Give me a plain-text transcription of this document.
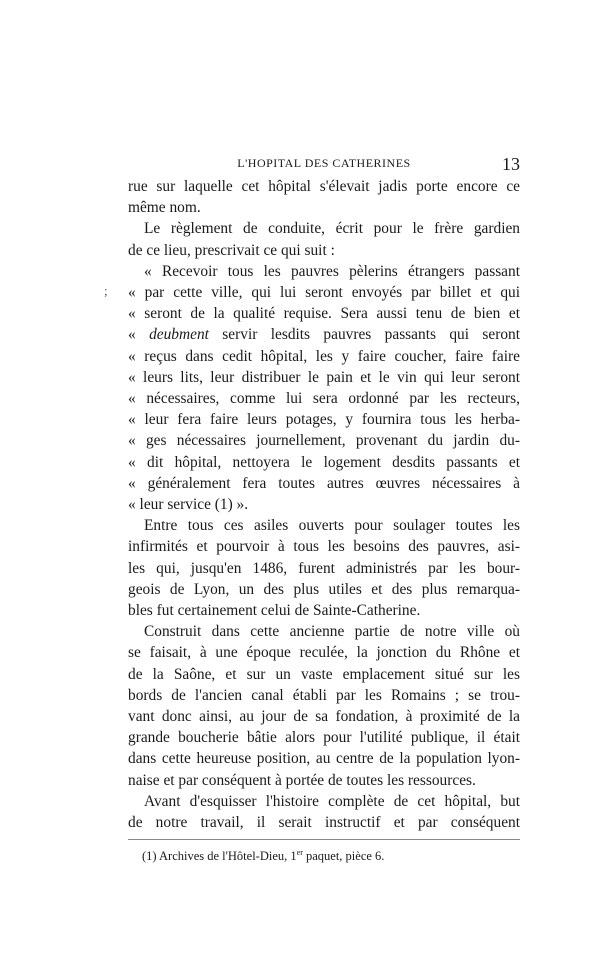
L'HOPITAL DES CATHERINES	13
;
rue sur laquelle cet hôpital s'élevait jadis porte encore ce
même nom.
Le règlement de conduite, écrit pour le frère gardien
de ce lieu, prescrivait ce qui suit :
« Recevoir tous les pauvres pèlerins étrangers passant
« par cette ville, qui lui seront envoyés par billet et qui
« seront de la qualité requise. Sera aussi tenu de bien et
« deubment servir lesdits pauvres passants qui seront
« reçus dans cedit hôpital, les y faire coucher, faire faire
« leurs lits, leur distribuer le pain et le vin qui leur seront
« nécessaires, comme lui sera ordonné par les recteurs,
« leur fera faire leurs potages, y fournira tous les herba-
« ges nécessaires journellement, provenant du jardin du-
« dit hôpital, nettoyera le logement desdits passants et
« généralement fera toutes autres œuvres nécessaires à
« leur service (1) ».
Entre tous ces asiles ouverts pour soulager toutes les
infirmités et pourvoir à tous les besoins des pauvres, asi-
les qui, jusqu'en 1486, furent administrés par les bour-
geois de Lyon, un des plus utiles et des plus remarqua-
bles fut certainement celui de Sainte-Catherine.
Construit dans cette ancienne partie de notre ville où
se faisait, à une époque reculée, la jonction du Rhône et
de la Saône, et sur un vaste emplacement situé sur les
bords de l'ancien canal établi par les Romains ; se trou-
vant donc ainsi, au jour de sa fondation, à proximité de la
grande boucherie bâtie alors pour l'utilité publique, il était
dans cette heureuse position, au centre de la population lyon-
naise et par conséquent à portée de toutes les ressources.
Avant d'esquisser l'histoire complète de cet hôpital, but
de notre travail, il serait instructif et par conséquent
(1) Archives de l'Hôtel-Dieu, 1er paquet, pièce 6.
